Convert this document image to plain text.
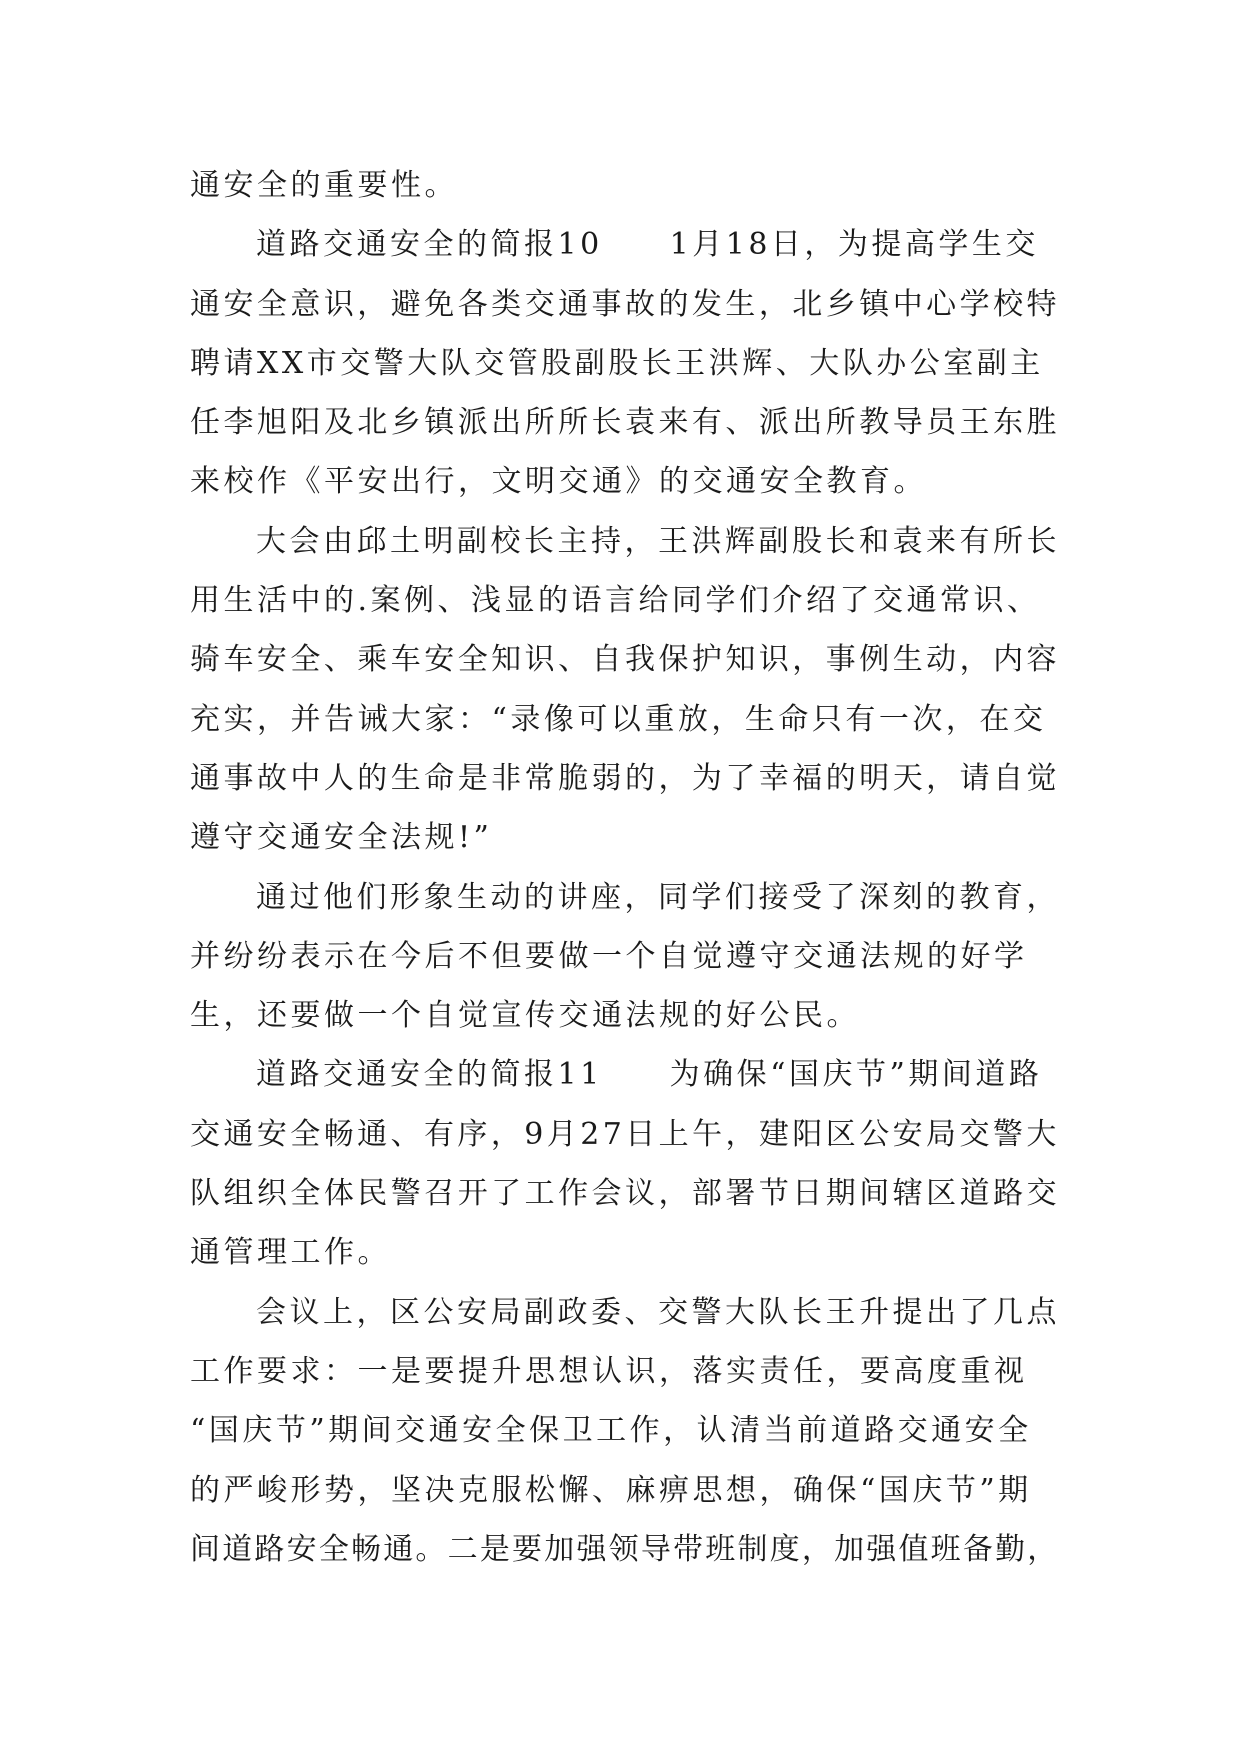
通安全的重要性。
道路交通安全的简报10　　1月18日，为提高学生交
通安全意识，避免各类交通事故的发生，北乡镇中心学校特
聘请XX市交警大队交管股副股长王洪辉、大队办公室副主
任李旭阳及北乡镇派出所所长袁来有、派出所教导员王东胜
来校作《平安出行，文明交通》的交通安全教育。
大会由邱土明副校长主持，王洪辉副股长和袁来有所长
用生活中的.案例、浅显的语言给同学们介绍了交通常识、
骑车安全、乘车安全知识、自我保护知识，事例生动，内容
充实，并告诫大家：“录像可以重放，生命只有一次，在交
通事故中人的生命是非常脆弱的，为了幸福的明天，请自觉
遵守交通安全法规!”
通过他们形象生动的讲座，同学们接受了深刻的教育，
并纷纷表示在今后不但要做一个自觉遵守交通法规的好学
生，还要做一个自觉宣传交通法规的好公民。
道路交通安全的简报11　　为确保“国庆节”期间道路
交通安全畅通、有序，9月27日上午，建阳区公安局交警大
队组织全体民警召开了工作会议，部署节日期间辖区道路交
通管理工作。
会议上，区公安局副政委、交警大队长王升提出了几点
工作要求：一是要提升思想认识，落实责任，要高度重视
“国庆节”期间交通安全保卫工作，认清当前道路交通安全
的严峻形势，坚决克服松懈、麻痹思想，确保“国庆节”期
间道路安全畅通。二是要加强领导带班制度，加强值班备勤，
